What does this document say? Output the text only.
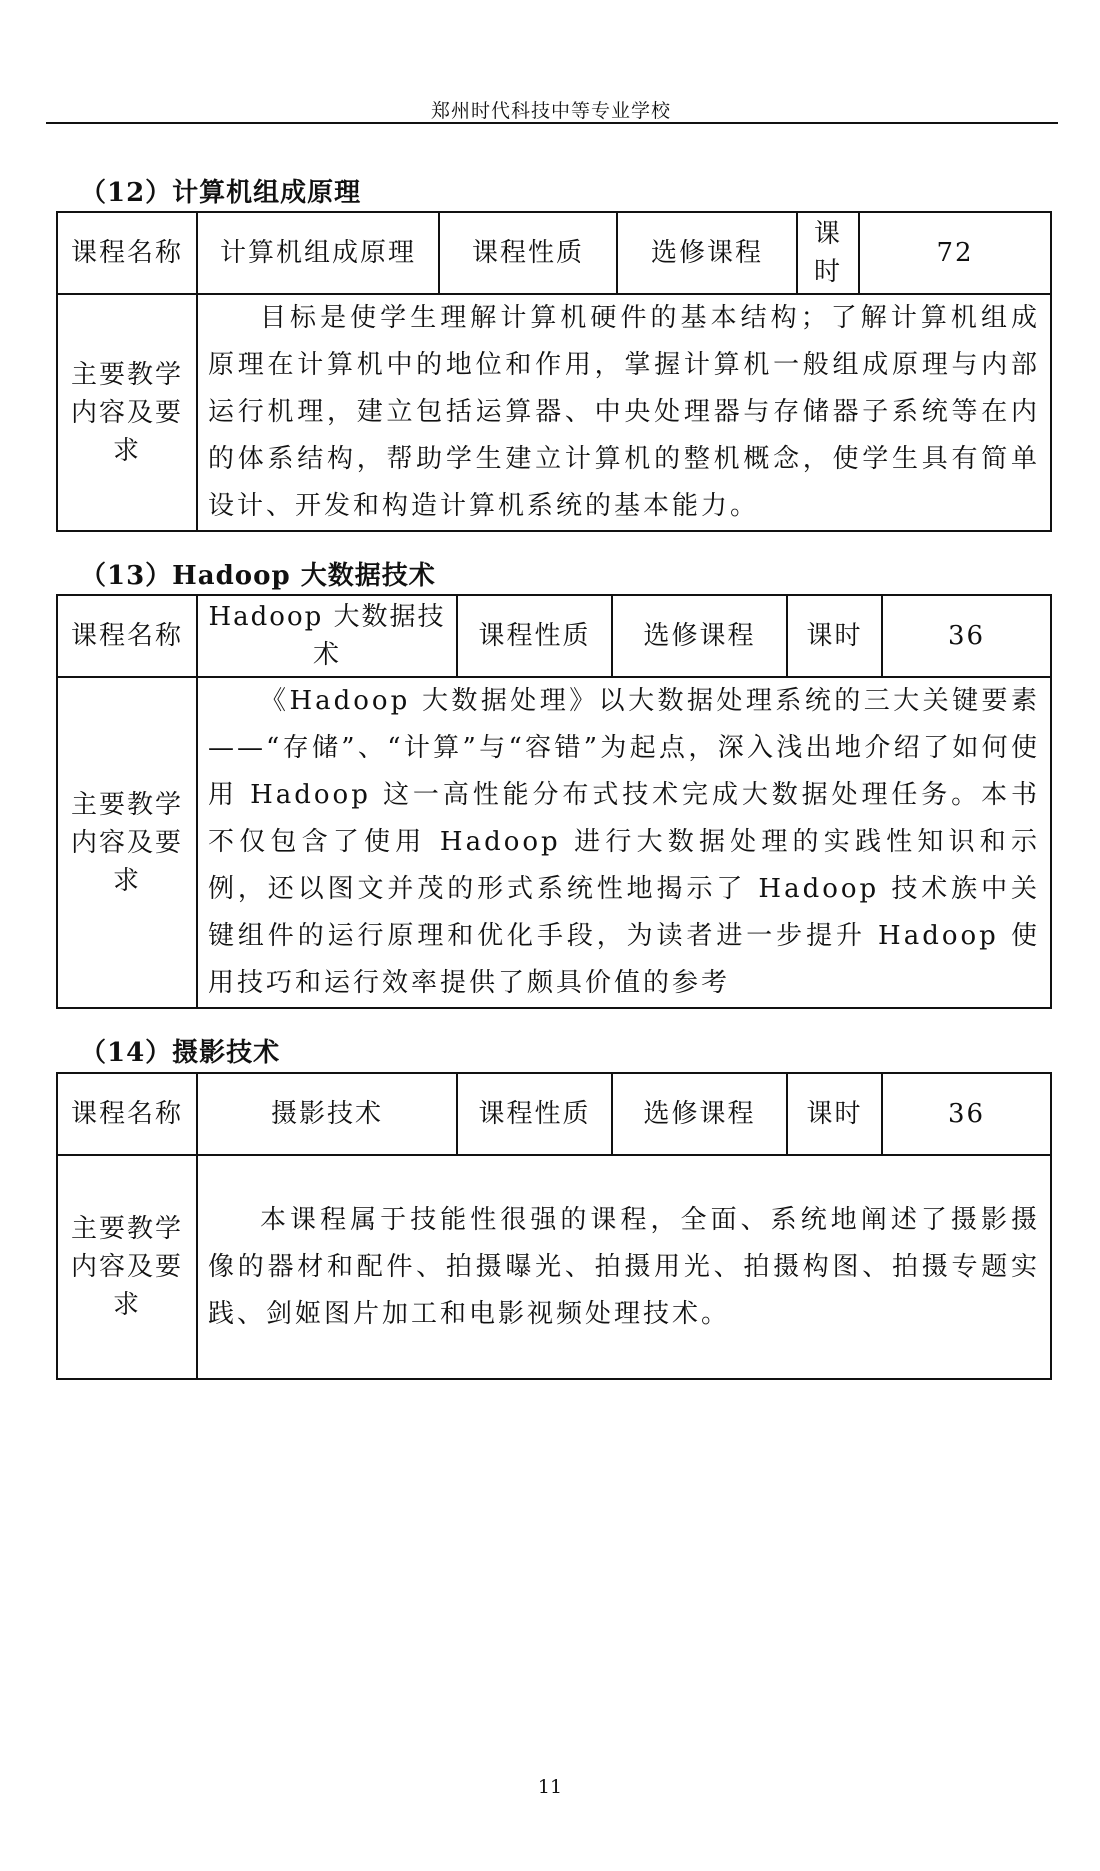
郑州时代科技中等专业学校
（12）计算机组成原理
课程名称	计算机组成原理	课程性质	选修课程	课时	72
主要教学内容及要求	目标是使学生理解计算机硬件的基本结构；了解计算机组成原理在计算机中的地位和作用，掌握计算机一般组成原理与内部运行机理，建立包括运算器、中央处理器与存储器子系统等在内的体系结构，帮助学生建立计算机的整机概念，使学生具有简单设计、开发和构造计算机系统的基本能力。				
（13）Hadoop 大数据技术
课程名称	Hadoop 大数据技术	课程性质	选修课程	课时	36
主要教学内容及要求	《Hadoop 大数据处理》以大数据处理系统的三大关键要素——“存储”、“计算”与“容错”为起点，深入浅出地介绍了如何使用 Hadoop 这一高性能分布式技术完成大数据处理任务。本书不仅包含了使用 Hadoop 进行大数据处理的实践性知识和示例，还以图文并茂的形式系统性地揭示了 Hadoop 技术族中关键组件的运行原理和优化手段，为读者进一步提升 Hadoop 使用技巧和运行效率提供了颇具价值的参考				
（14）摄影技术
课程名称	摄影技术	课程性质	选修课程	课时	36
主要教学内容及要求	本课程属于技能性很强的课程，全面、系统地阐述了摄影摄像的器材和配件、拍摄曝光、拍摄用光、拍摄构图、拍摄专题实践、剑姬图片加工和电影视频处理技术。				
11
